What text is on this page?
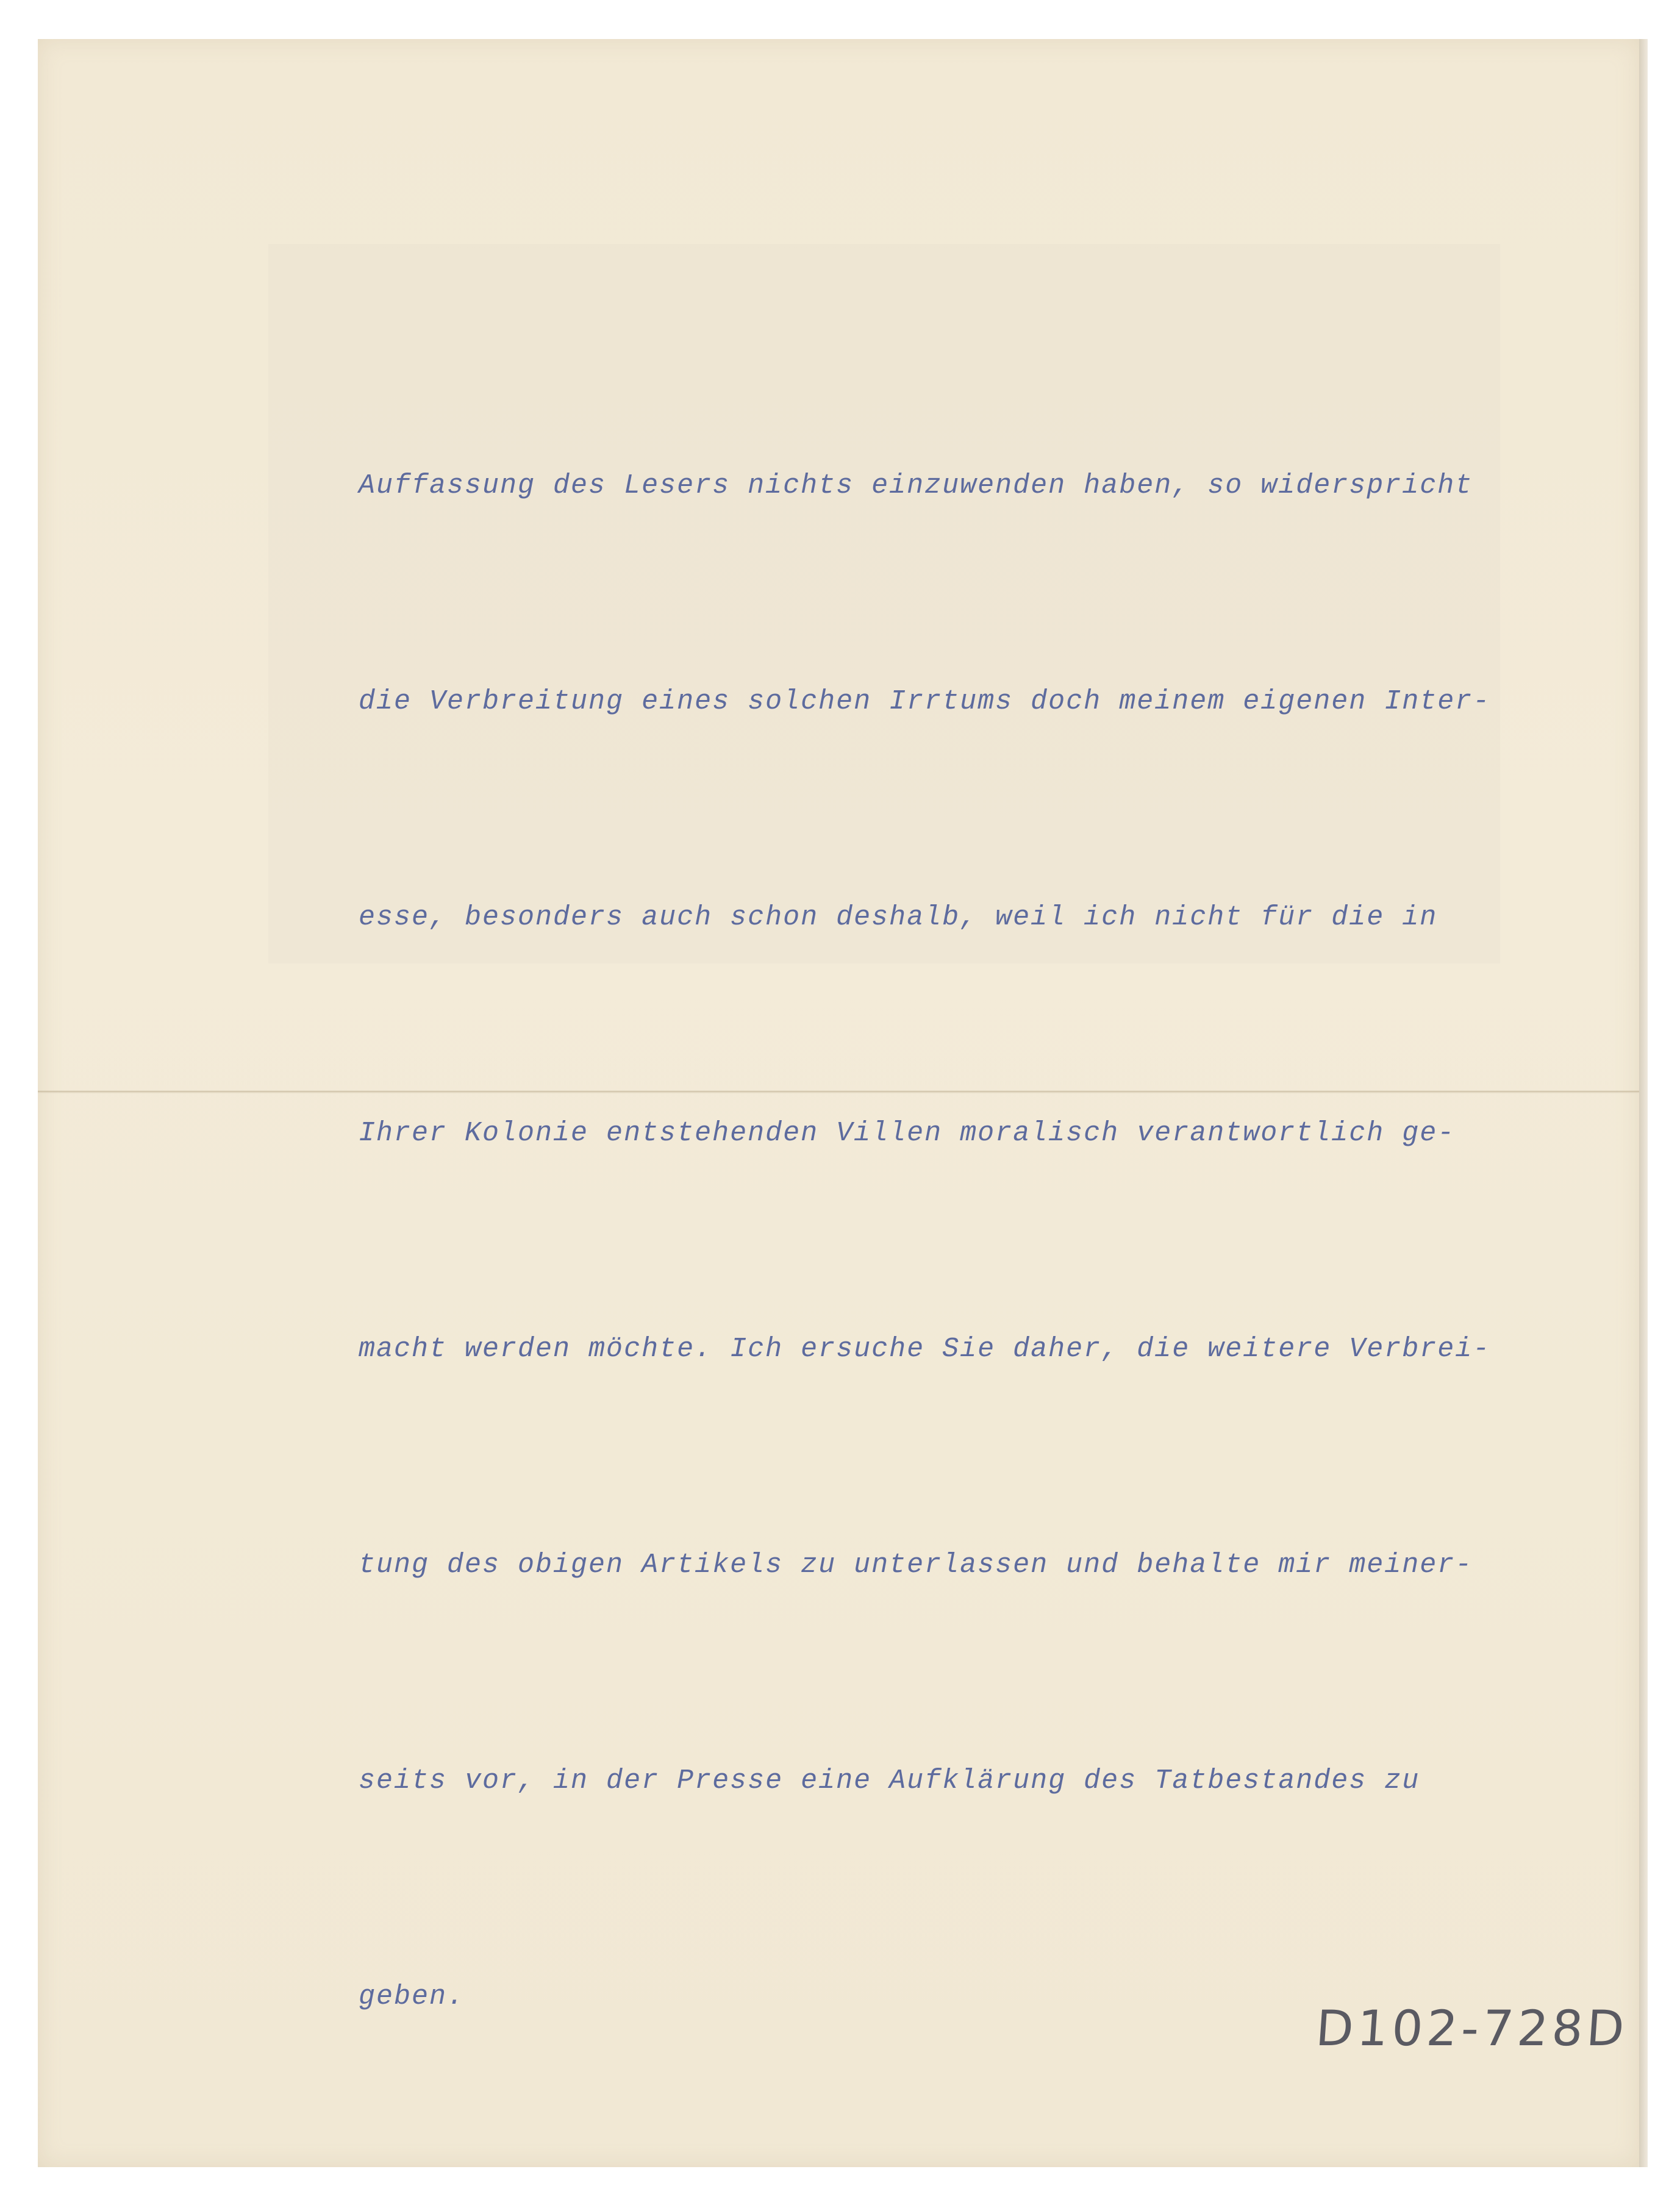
Auffassung des Lesers nichts einzuwenden haben, so widerspricht

die Verbreitung eines solchen Irrtums doch meinem eigenen Inter-

esse, besonders auch schon deshalb, weil ich nicht für die in

Ihrer Kolonie entstehenden Villen moralisch verantwortlich ge-

macht werden möchte. Ich ersuche Sie daher, die weitere Verbrei-

tung des obigen Artikels zu unterlassen und behalte mir meiner-

seits vor, in der Presse eine Aufklärung des Tatbestandes zu

geben.

D102-728D
